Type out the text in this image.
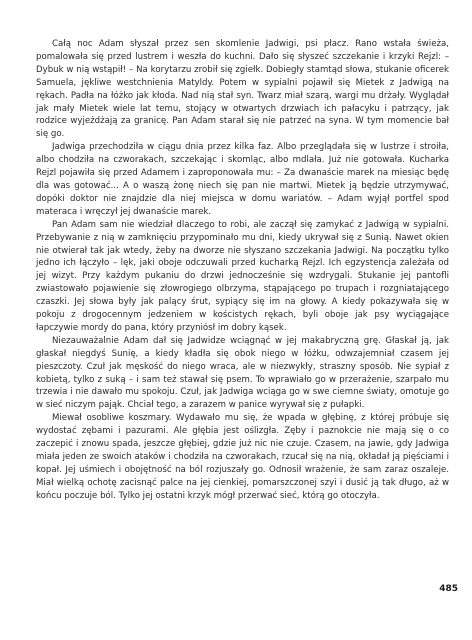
Całą noc Adam słyszał przez sen skomlenie Jadwigi, psi płacz. Rano wstała świeża, pomalowała się przed lustrem i weszła do kuchni. Dało się słyszeć szczekanie i krzyki Rejzl: – Dybuk w nią wstąpił! – Na korytarzu zrobił się zgiełk. Dobiegły stamtąd słowa, stukanie oficerek Samuela, jękliwe westchnienia Matyldy. Potem w sypialni pojawił się Mietek z Jadwigą na rękach. Padła na łóżko jak kłoda. Nad nią stał syn. Twarz miał szarą, wargi mu drżały. Wyglądał jak mały Mietek wiele lat temu, stojący w otwartych drzwiach ich pałacyku i patrzący, jak rodzice wyjeżdżają za granicę. Pan Adam starał się nie patrzeć na syna. W tym momencie bał się go.

Jadwiga przechodziła w ciągu dnia przez kilka faz. Albo przeglądała się w lustrze i stroiła, albo chodziła na czworakach, szczekając i skomląc, albo mdlała. Już nie gotowała. Kucharka Rejzl pojawiła się przed Adamem i zaproponowała mu: – Za dwanaście marek na miesiąc będę dla was gotować... A o waszą żonę niech się pan nie martwi. Mietek ją będzie utrzymywać, dopóki doktor nie znajdzie dla niej miejsca w domu wariatów. – Adam wyjął portfel spod materaca i wręczył jej dwanaście marek.

Pan Adam sam nie wiedział dlaczego to robi, ale zaczął się zamykać z Jadwigą w sypialni. Przebywanie z nią w zamknięciu przypominało mu dni, kiedy ukrywał się z Sunią. Nawet okien nie otwierał tak jak wtedy, żeby na dworze nie słyszano szczekania Jadwigi. Na początku tylko jedno ich łączyło – lęk, jaki oboje odczuwali przed kucharką Rejzl. Ich egzystencja zależała od jej wizyt. Przy każdym pukaniu do drzwi jednocześnie się wzdrygali. Stukanie jej pantofli zwiastowało pojawienie się złowrogiego olbrzyma, stąpającego po trupach i rozgniatającego czaszki. Jej słowa były jak palący śrut, sypiący się im na głowy. A kiedy pokazywała się w pokoju z drogocennym jedzeniem w kościstych rękach, byli oboje jak psy wyciągające łapczywie mordy do pana, który przyniósł im dobry kąsek.

Niezauważalnie Adam dał się Jadwidze wciągnąć w jej makabryczną grę. Głaskał ją, jak głaskał niegdyś Sunię, a kiedy kładła się obok niego w łóżku, odwzajemniał czasem jej pieszczoty. Czuł jak męskość do niego wraca, ale w niezwykły, straszny sposób. Nie sypiał z kobietą, tylko z suką – i sam też stawał się psem. To wprawiało go w przerażenie, szarpało mu trzewia i nie dawało mu spokoju. Czuł, jak Jadwiga wciąga go w swe ciemne światy, omotuje go w sieć niczym pająk. Chciał tego, a zarazem w panice wyrywał się z pułapki.

Miewał osobliwe koszmary. Wydawało mu się, że wpada w głębinę, z której próbuje się wydostać zębami i pazurami. Ale głębia jest oślizgła. Zęby i paznokcie nie mają się o co zaczepić i znowu spada, jeszcze głębiej, gdzie już nic nie czuje. Czasem, na jawie, gdy Jadwiga miała jeden ze swoich ataków i chodziła na czworakach, rzucał się na nią, okładał ją pięściami i kopał. Jej uśmiech i obojętność na ból rozjuszały go. Odnosił wrażenie, że sam zaraz oszaleje. Miał wielką ochotę zacisnąć palce na jej cienkiej, pomarszczonej szyi i dusić ją tak długo, aż w końcu poczuje ból. Tylko jej ostatni krzyk mógł przerwać sieć, którą go otoczyła.

485
